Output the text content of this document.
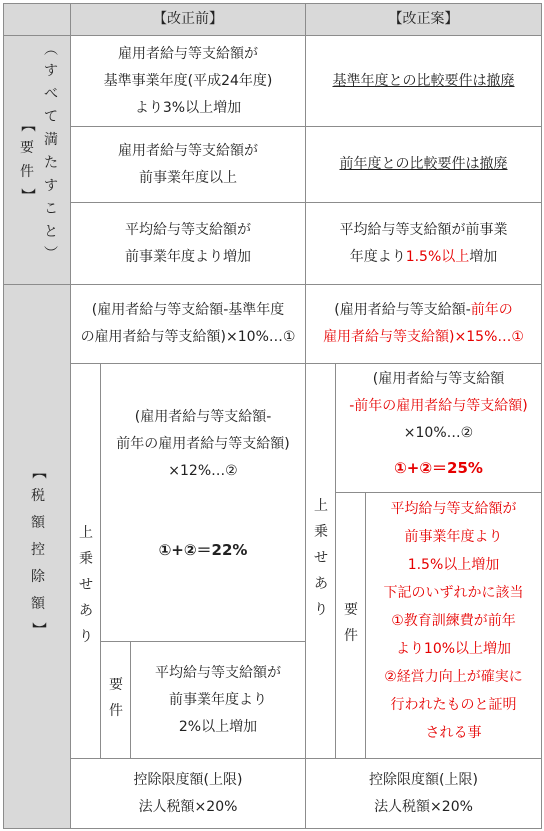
【改正前】	【改正案】
︵
す
べ
て
満
た
す
こ
と
︶
【
要
件
】
雇用者給与等支給額が
基準事業年度(平成24年度)
より3%以上増加
基準年度との比較要件は撤廃
雇用者給与等支給額が
前事業年度以上
前年度との比較要件は撤廃
平均給与等支給額が
前事業年度より増加
平均給与等支給額が前事業
年度より1.5%以上増加
【
税
額
控
除
額
】
(雇用者給与等支給額-基準年度
の雇用者給与等支給額)×10%…①
(雇用者給与等支給額-前年の
雇用者給与等支給額)×15%…①
上
乗
せ
あ
り
(雇用者給与等支給額-
前年の雇用者給与等支給額)
×12%…②
①+②＝22%
要
件
平均給与等支給額が
前事業年度より
2%以上増加
上
乗
せ
あ
り
(雇用者給与等支給額
-前年の雇用者給与等支給額)
×10%…②
①+②＝25%
要
件
平均給与等支給額が
前事業年度より
1.5%以上増加
下記のいずれかに該当
①教育訓練費が前年
より10%以上増加
②経営力向上が確実に
行われたものと証明
される事
控除限度額(上限)
法人税額×20%
控除限度額(上限)
法人税額×20%
